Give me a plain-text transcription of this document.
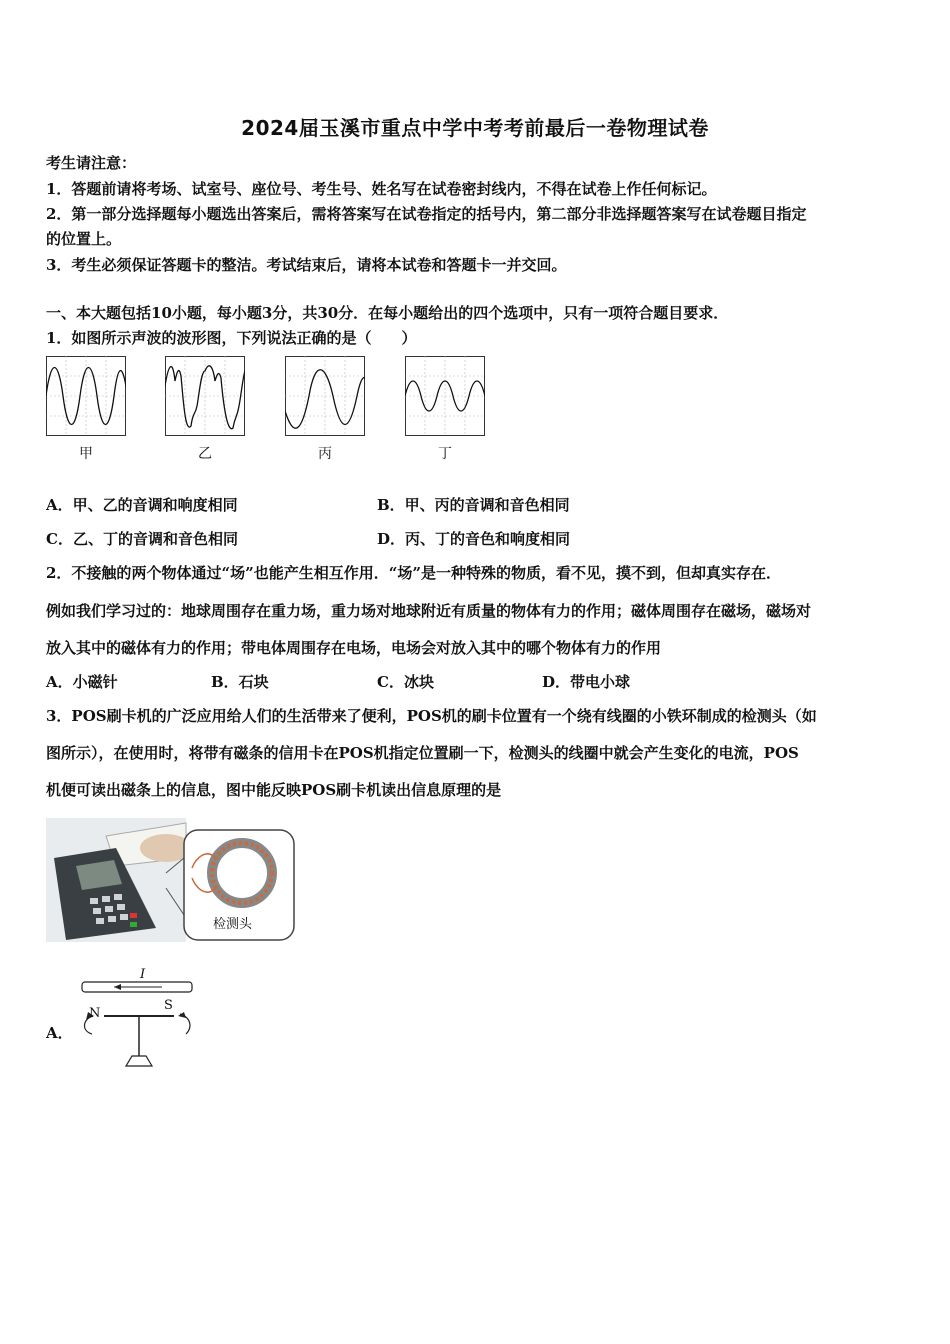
2024届玉溪市重点中学中考考前最后一卷物理试卷
考生请注意：
1．答题前请将考场、试室号、座位号、考生号、姓名写在试卷密封线内，不得在试卷上作任何标记。
2．第一部分选择题每小题选出答案后，需将答案写在试卷指定的括号内，第二部分非选择题答案写在试卷题目指定
的位置上。
3．考生必须保证答题卡的整洁。考试结束后，请将本试卷和答题卡一并交回。
一、本大题包括10小题，每小题3分，共30分．在每小题给出的四个选项中，只有一项符合题目要求．
1．如图所示声波的波形图，下列说法正确的是（　　）
甲	乙	丙	丁
A．甲、乙的音调和响度相同	B．甲、丙的音调和音色相同
C．乙、丁的音调和音色相同	D．丙、丁的音色和响度相同
2．不接触的两个物体通过“场”也能产生相互作用．“场”是一种特殊的物质，看不见，摸不到，但却真实存在．
例如我们学习过的：地球周围存在重力场，重力场对地球附近有质量的物体有力的作用；磁体周围存在磁场，磁场对
放入其中的磁体有力的作用；带电体周围存在电场，电场会对放入其中的哪个物体有力的作用
A．小磁针	B．石块	C．冰块	D．带电小球
3．POS刷卡机的广泛应用给人们的生活带来了便利，POS机的刷卡位置有一个绕有线圈的小铁环制成的检测头（如
图所示），在使用时，将带有磁条的信用卡在POS机指定位置刷一下，检测头的线圈中就会产生变化的电流，POS
机便可读出磁条上的信息，图中能反映POS刷卡机读出信息原理的是
检测头
A．
I
N
S
